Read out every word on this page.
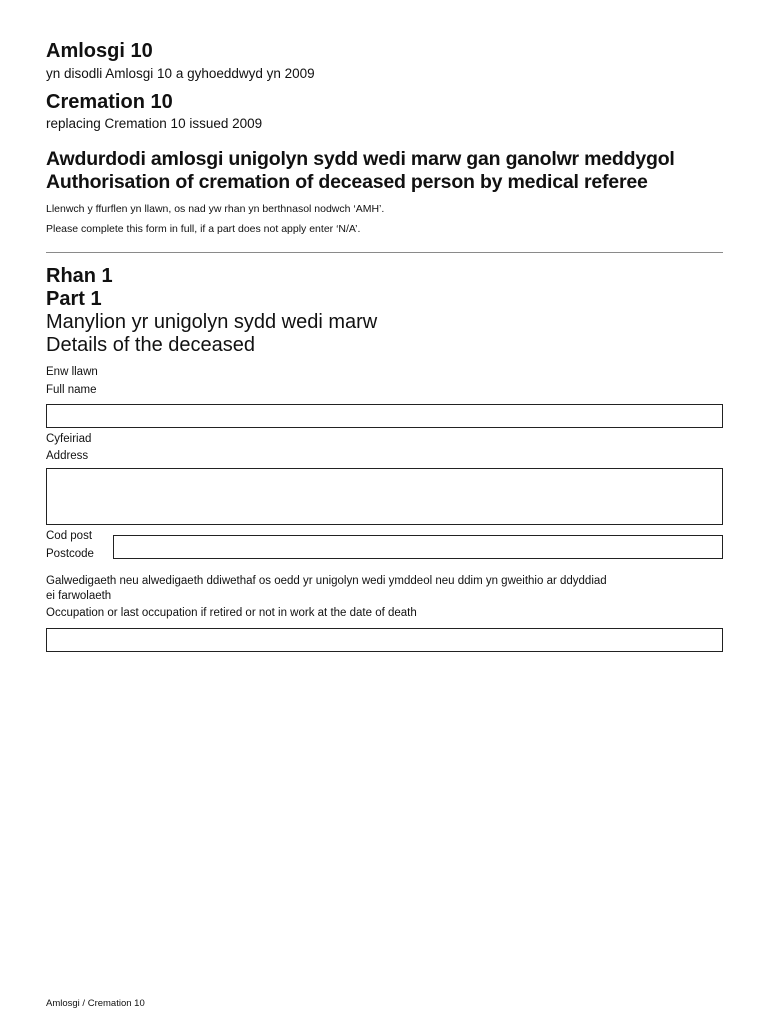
Amlosgi 10
yn disodli Amlosgi 10 a gyhoeddwyd yn 2009
Cremation 10
replacing Cremation 10 issued 2009
Awdurdodi amlosgi unigolyn sydd wedi marw gan ganolwr meddygol
Authorisation of cremation of deceased person by medical referee
Llenwch y ffurflen yn llawn, os nad yw rhan yn berthnasol nodwch ‘AMH’.
Please complete this form in full, if a part does not apply enter ‘N/A’.
Rhan 1
Part 1
Manylion yr unigolyn sydd wedi marw
Details of the deceased
Enw llawn
Full name
Cyfeiriad
Address
Cod post
Postcode
Galwedigaeth neu alwedigaeth ddiwethaf os oedd yr unigolyn wedi ymddeol neu ddim yn gweithio ar ddyddiad
ei farwolaeth
Occupation or last occupation if retired or not in work at the date of death
Amlosgi / Cremation 10
